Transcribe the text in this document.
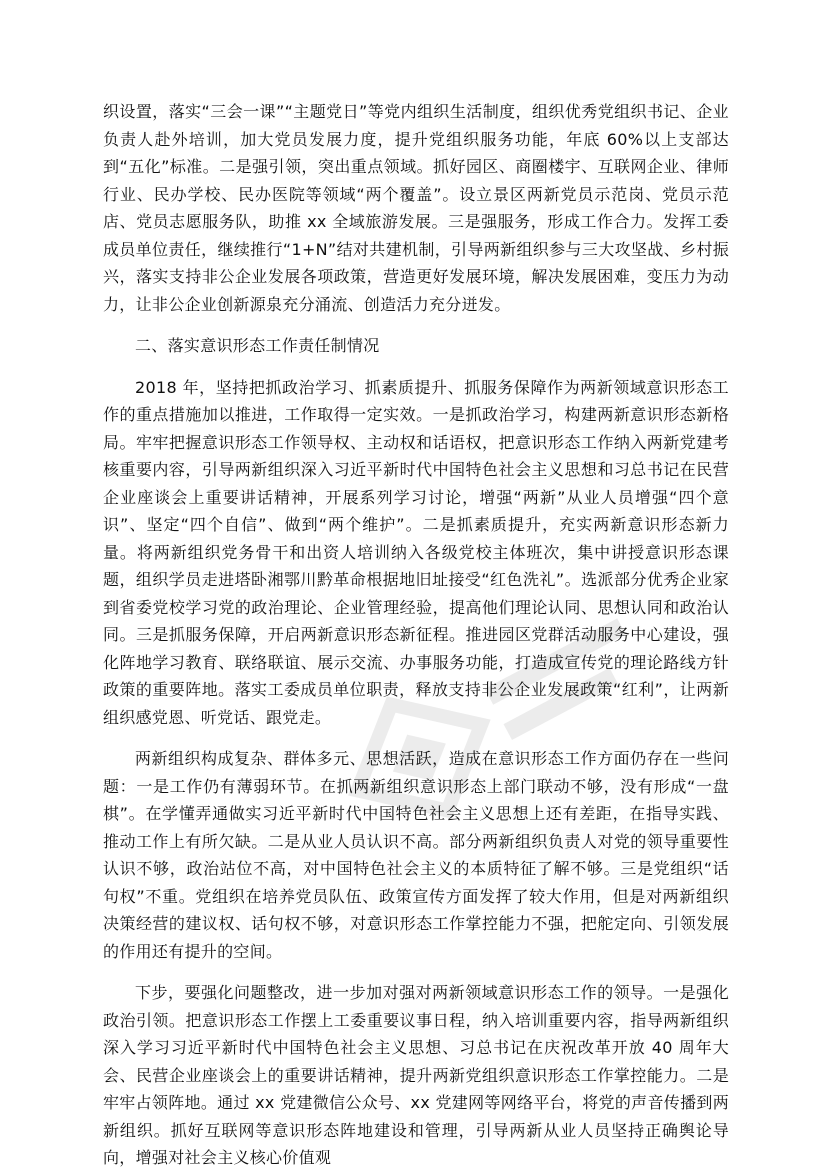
织设置，落实“三会一课”“主题党日”等党内组织生活制度，组织优秀党组织书记、企业负责人赴外培训，加大党员发展力度，提升党组织服务功能，年底 60%以上支部达到“五化”标准。二是强引领，突出重点领域。抓好园区、商圈楼宇、互联网企业、律师行业、民办学校、民办医院等领域“两个覆盖”。设立景区两新党员示范岗、党员示范店、党员志愿服务队，助推 xx 全域旅游发展。三是强服务，形成工作合力。发挥工委成员单位责任，继续推行“1+N”结对共建机制，引导两新组织参与三大攻坚战、乡村振兴，落实支持非公企业发展各项政策，营造更好发展环境，解决发展困难，变压力为动力，让非公企业创新源泉充分涌流、创造活力充分迸发。

二、落实意识形态工作责任制情况

2018 年，坚持把抓政治学习、抓素质提升、抓服务保障作为两新领域意识形态工作的重点措施加以推进，工作取得一定实效。一是抓政治学习，构建两新意识形态新格局。牢牢把握意识形态工作领导权、主动权和话语权，把意识形态工作纳入两新党建考核重要内容，引导两新组织深入习近平新时代中国特色社会主义思想和习总书记在民营企业座谈会上重要讲话精神，开展系列学习讨论，增强“两新”从业人员增强“四个意识”、坚定“四个自信”、做到“两个维护”。二是抓素质提升，充实两新意识形态新力量。将两新组织党务骨干和出资人培训纳入各级党校主体班次，集中讲授意识形态课题，组织学员走进塔卧湘鄂川黔革命根据地旧址接受“红色洗礼”。选派部分优秀企业家到省委党校学习党的政治理论、企业管理经验，提高他们理论认同、思想认同和政治认同。三是抓服务保障，开启两新意识形态新征程。推进园区党群活动服务中心建设，强化阵地学习教育、联络联谊、展示交流、办事服务功能，打造成宣传党的理论路线方针政策的重要阵地。落实工委成员单位职责，释放支持非公企业发展政策“红利”，让两新组织感党恩、听党话、跟党走。

两新组织构成复杂、群体多元、思想活跃，造成在意识形态工作方面仍存在一些问题：一是工作仍有薄弱环节。在抓两新组织意识形态上部门联动不够，没有形成“一盘棋”。在学懂弄通做实习近平新时代中国特色社会主义思想上还有差距，在指导实践、推动工作上有所欠缺。二是从业人员认识不高。部分两新组织负责人对党的领导重要性认识不够，政治站位不高，对中国特色社会主义的本质特征了解不够。三是党组织“话句权”不重。党组织在培养党员队伍、政策宣传方面发挥了较大作用，但是对两新组织决策经营的建议权、话句权不够，对意识形态工作掌控能力不强，把舵定向、引领发展的作用还有提升的空间。

下步，要强化问题整改，进一步加对强对两新领域意识形态工作的领导。一是强化政治引领。把意识形态工作摆上工委重要议事日程，纳入培训重要内容，指导两新组织深入学习习近平新时代中国特色社会主义思想、习总书记在庆祝改革开放 40 周年大会、民营企业座谈会上的重要讲话精神，提升两新党组织意识形态工作掌控能力。二是牢牢占领阵地。通过 xx 党建微信公众号、xx 党建网等网络平台，将党的声音传播到两新组织。抓好互联网等意识形态阵地建设和管理，引导两新从业人员坚持正确舆论导向，增强对社会主义核心价值观
